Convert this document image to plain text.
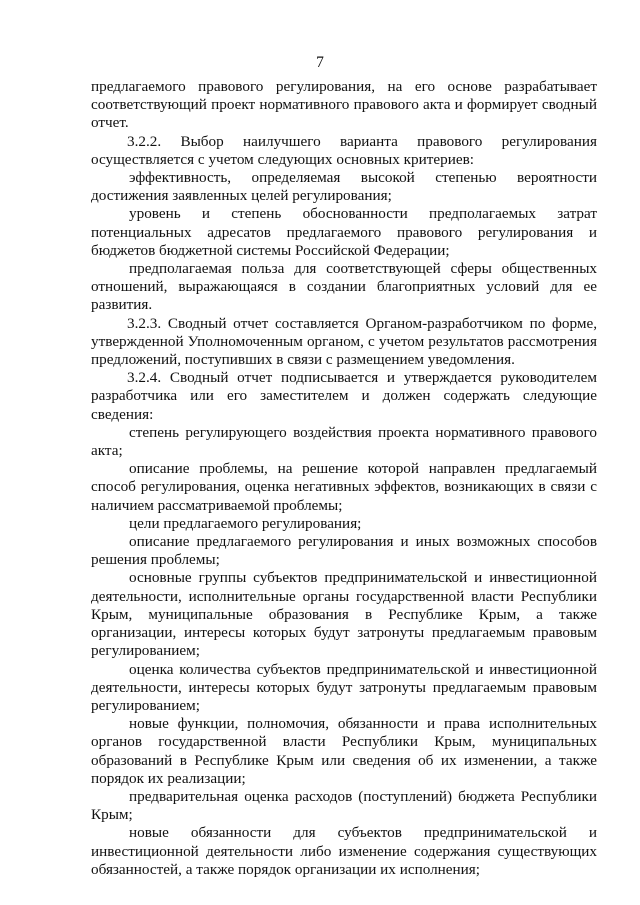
7

предлагаемого правового регулирования, на его основе разрабатывает соответствующий проект нормативного правового акта и формирует сводный отчет.

3.2.2. Выбор наилучшего варианта правового регулирования осуществляется с учетом следующих основных критериев:

эффективность, определяемая высокой степенью вероятности достижения заявленных целей регулирования;

уровень и степень обоснованности предполагаемых затрат потенциальных адресатов предлагаемого правового регулирования и бюджетов бюджетной системы Российской Федерации;

предполагаемая польза для соответствующей сферы общественных отношений, выражающаяся в создании благоприятных условий для ее развития.

3.2.3. Сводный отчет составляется Органом-разработчиком по форме, утвержденной Уполномоченным органом, с учетом результатов рассмотрения предложений, поступивших в связи с размещением уведомления.

3.2.4. Сводный отчет подписывается и утверждается руководителем разработчика или его заместителем и должен содержать следующие сведения:

степень регулирующего воздействия проекта нормативного правового акта;

описание проблемы, на решение которой направлен предлагаемый способ регулирования, оценка негативных эффектов, возникающих в связи с наличием рассматриваемой проблемы;

цели предлагаемого регулирования;

описание предлагаемого регулирования и иных возможных способов решения проблемы;

основные группы субъектов предпринимательской и инвестиционной деятельности, исполнительные органы государственной власти Республики Крым, муниципальные образования в Республике Крым, а также организации, интересы которых будут затронуты предлагаемым правовым регулированием;

оценка количества субъектов предпринимательской и инвестиционной деятельности, интересы которых будут затронуты предлагаемым правовым регулированием;

новые функции, полномочия, обязанности и права исполнительных органов государственной власти Республики Крым, муниципальных образований в Республике Крым или сведения об их изменении, а также порядок их реализации;

предварительная оценка расходов (поступлений) бюджета Республики Крым;

новые обязанности для субъектов предпринимательской и инвестиционной деятельности либо изменение содержания существующих обязанностей, а также порядок организации их исполнения;
